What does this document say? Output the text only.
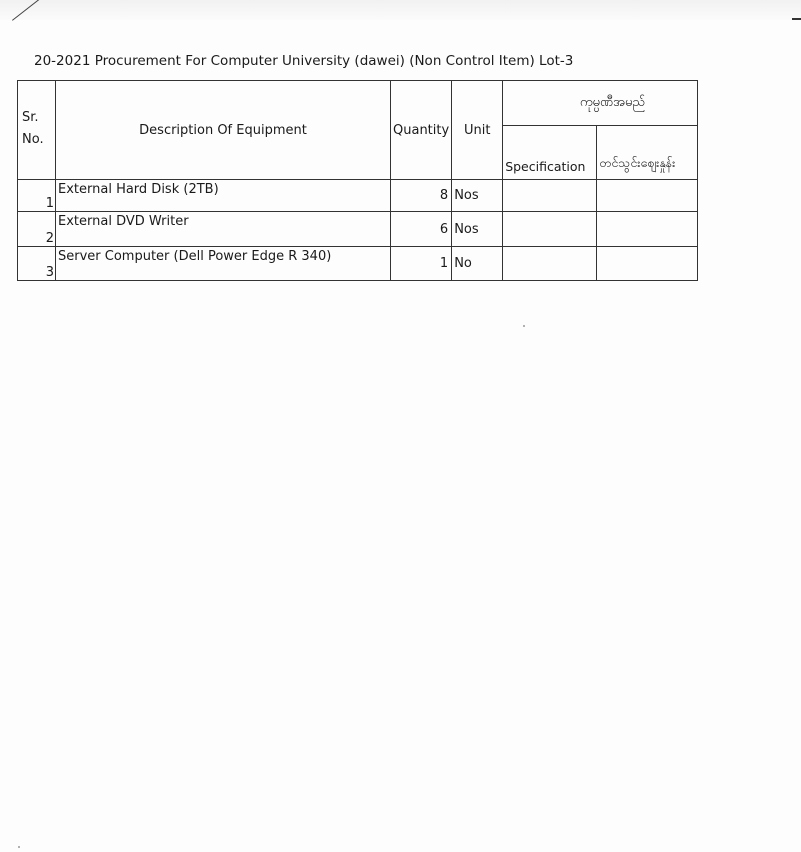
20-2021 Procurement For Computer University (dawei) (Non Control Item) Lot-3
Sr.
No.	Description Of Equipment	Quantity	Unit	ကုမ္ပဏီအမည်	
				Specification	တင်သွင်းဈေးနှုန်း
1	External Hard Disk (2TB)	8	Nos		
2	External DVD Writer	6	Nos		
3	Server Computer (Dell Power Edge R 340)	1	No		
